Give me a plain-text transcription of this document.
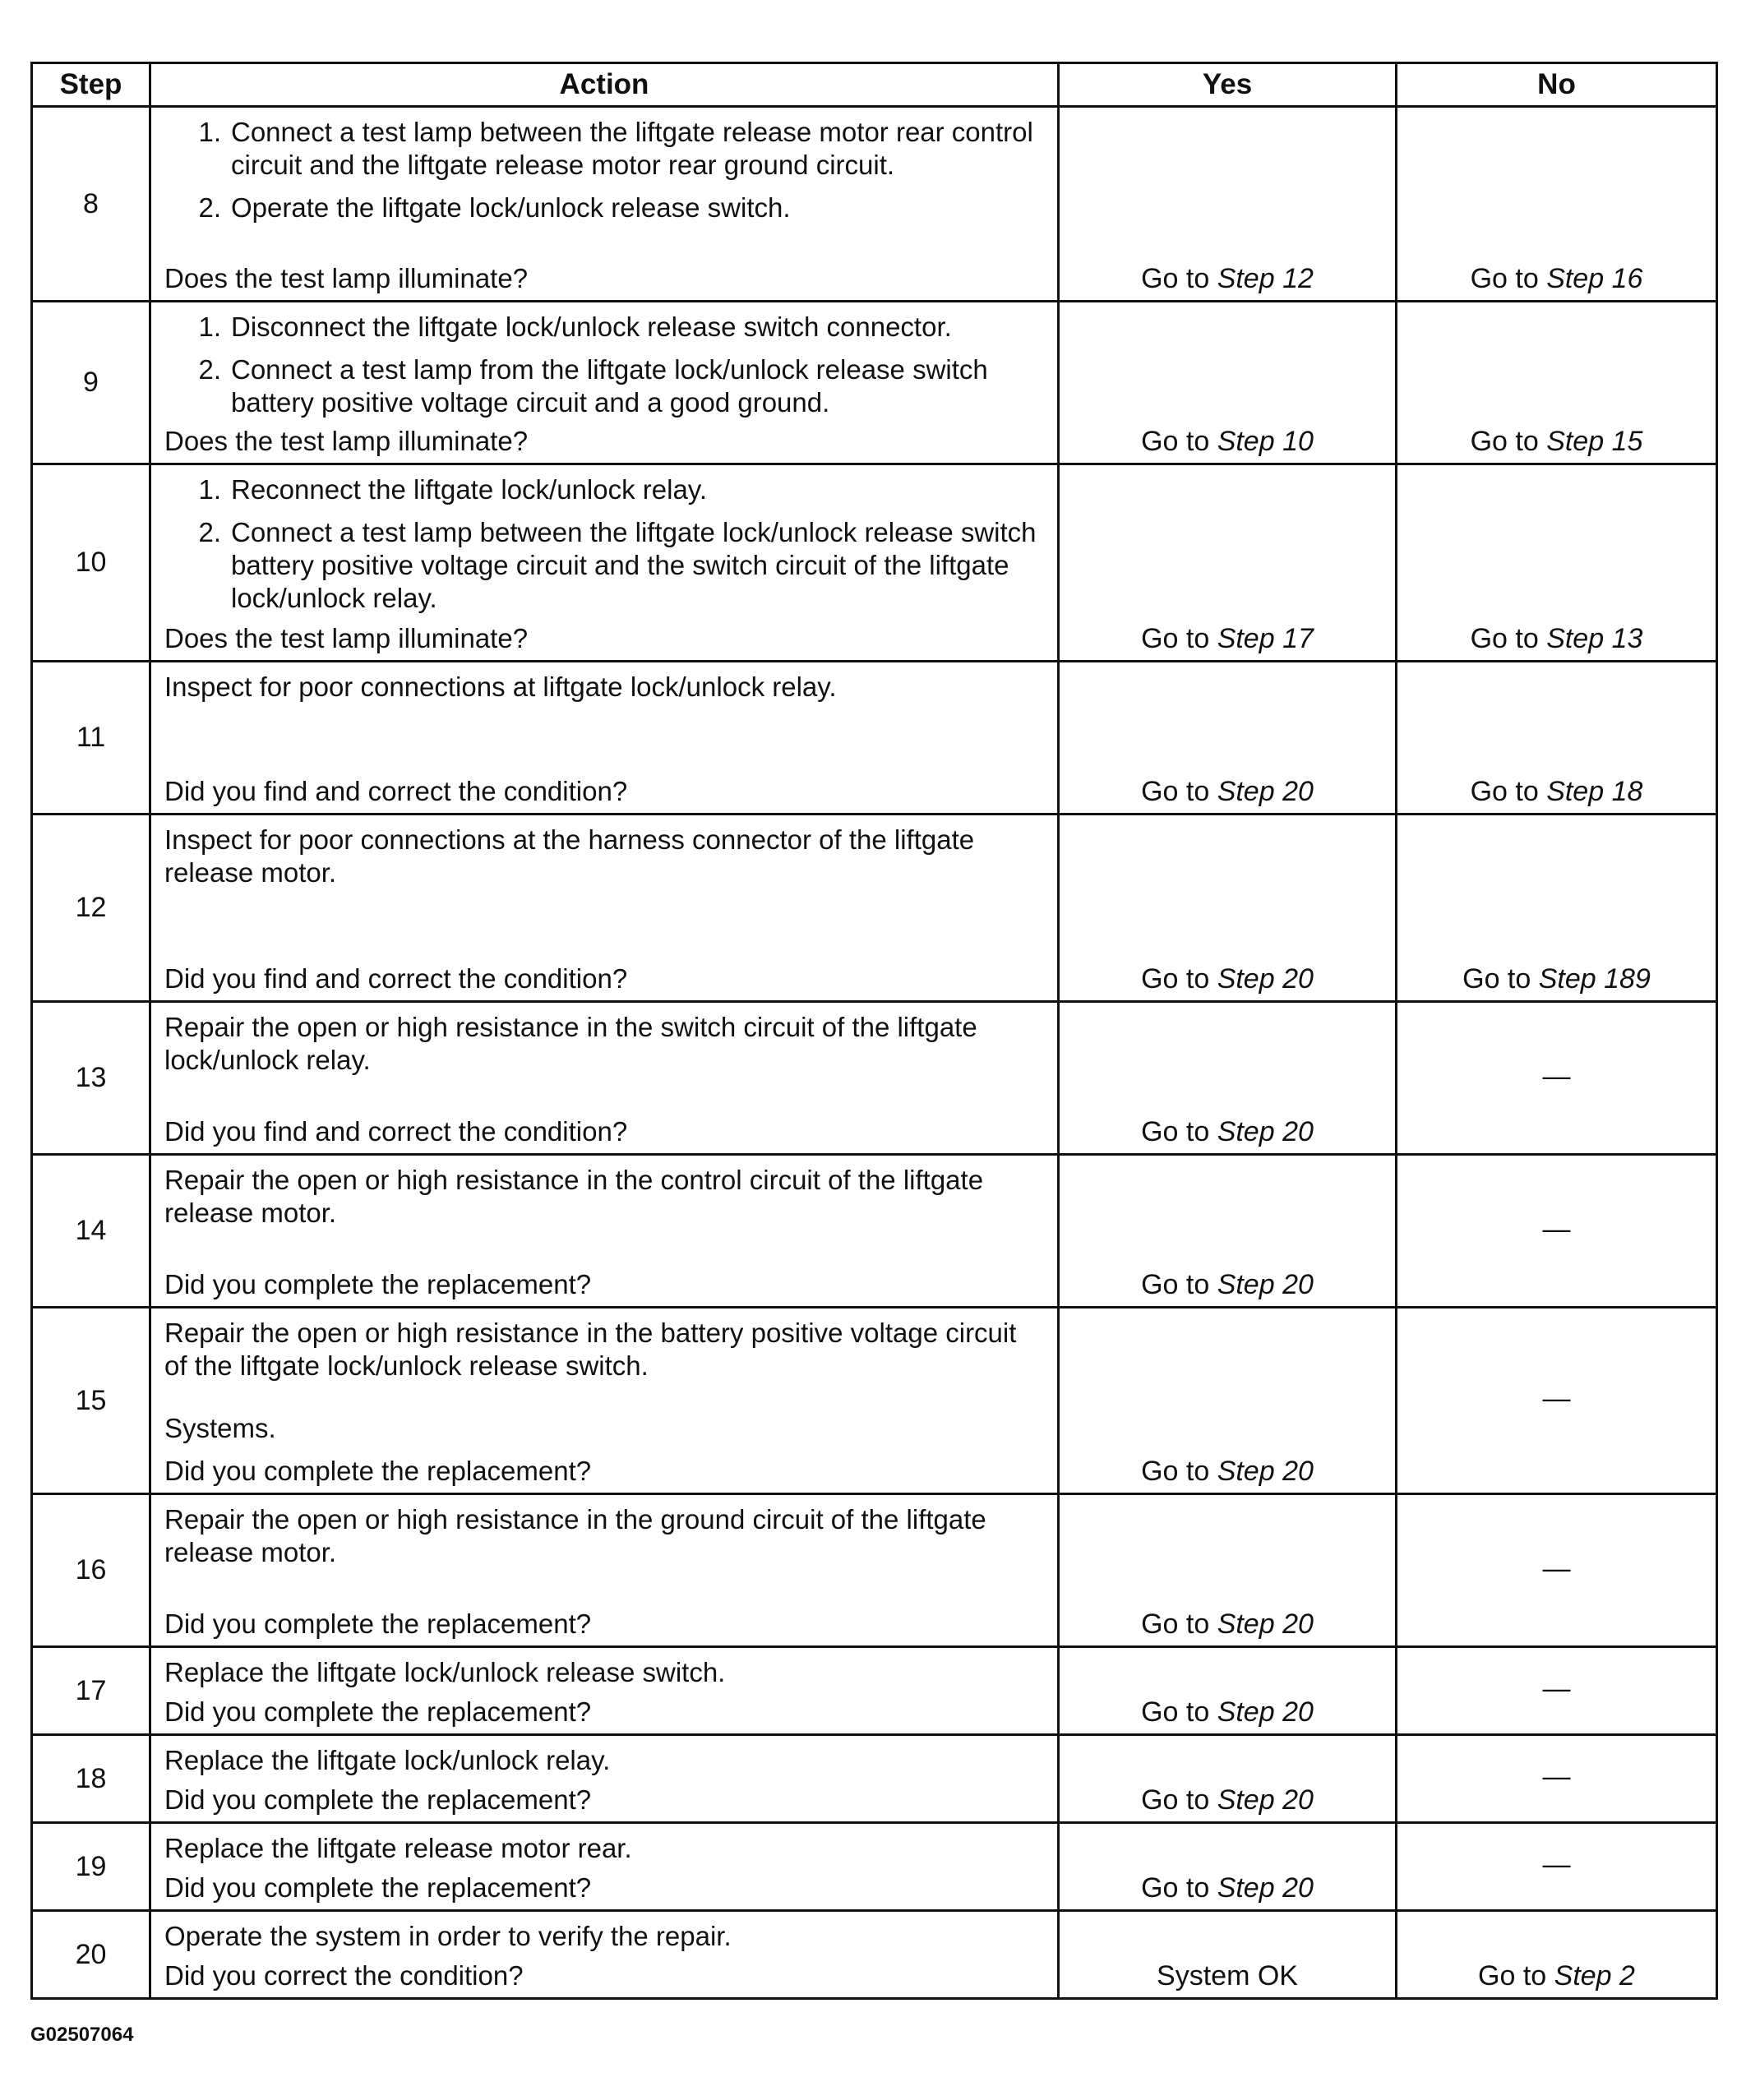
Step	Action	Yes	No
8	1. Connect a test lamp between the liftgate release motor rear control circuit and the liftgate release motor rear ground circuit.
2. Operate the liftgate lock/unlock release switch.
Does the test lamp illuminate?	Go to Step 12	Go to Step 16

9	1. Disconnect the liftgate lock/unlock release switch connector.
2. Connect a test lamp from the liftgate lock/unlock release switch battery positive voltage circuit and a good ground.
Does the test lamp illuminate?	Go to Step 10	Go to Step 15

10	1. Reconnect the liftgate lock/unlock relay.
2. Connect a test lamp between the liftgate lock/unlock release switch battery positive voltage circuit and the switch circuit of the liftgate lock/unlock relay.
Does the test lamp illuminate?	Go to Step 17	Go to Step 13

11	Inspect for poor connections at liftgate lock/unlock relay.
Did you find and correct the condition?	Go to Step 20	Go to Step 18

12	Inspect for poor connections at the harness connector of the liftgate release motor.
Did you find and correct the condition?	Go to Step 20	Go to Step 189

13	Repair the open or high resistance in the switch circuit of the liftgate lock/unlock relay.
Did you find and correct the condition?	Go to Step 20	—

14	Repair the open or high resistance in the control circuit of the liftgate release motor.
Did you complete the replacement?	Go to Step 20	—

15	Repair the open or high resistance in the battery positive voltage circuit of the liftgate lock/unlock release switch.
Systems.
Did you complete the replacement?	Go to Step 20	—

16	Repair the open or high resistance in the ground circuit of the liftgate release motor.
Did you complete the replacement?	Go to Step 20	—

17	Replace the liftgate lock/unlock release switch.
Did you complete the replacement?	Go to Step 20	—

18	Replace the liftgate lock/unlock relay.
Did you complete the replacement?	Go to Step 20	—

19	Replace the liftgate release motor rear.
Did you complete the replacement?	Go to Step 20	—

20	Operate the system in order to verify the repair.
Did you correct the condition?	System OK	Go to Step 2
G02507064
